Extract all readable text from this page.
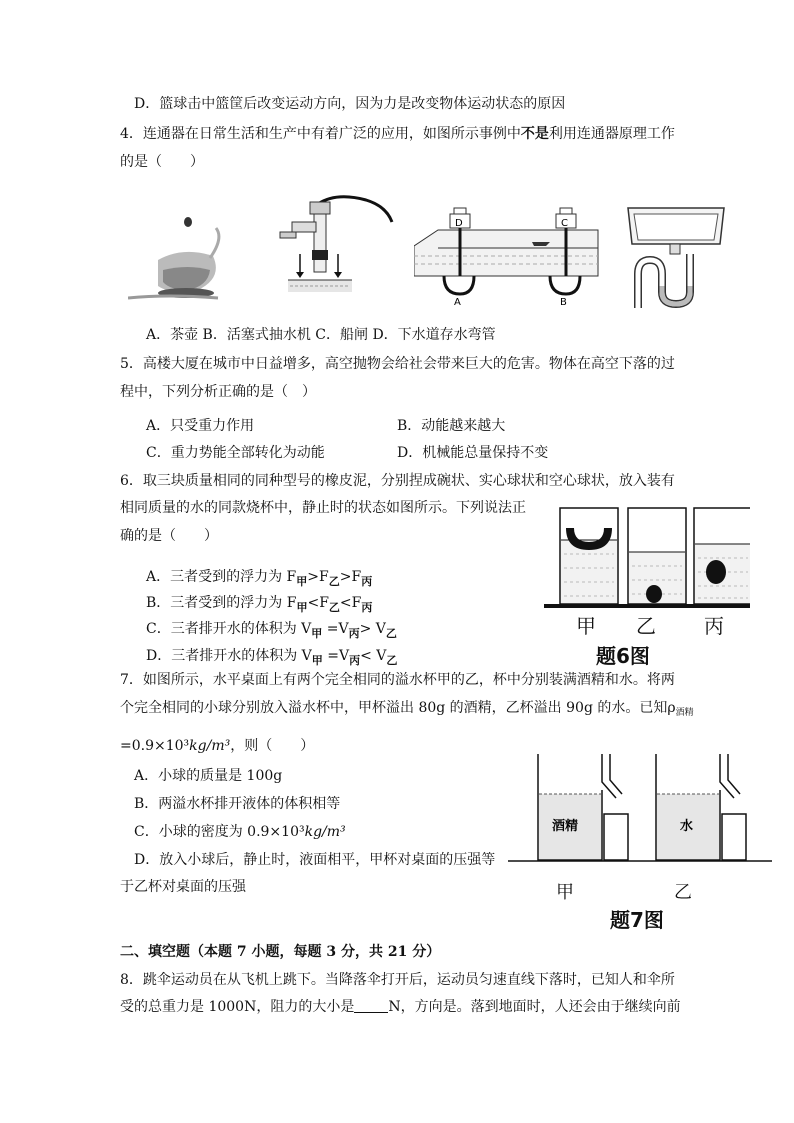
D．篮球击中篮筐后改变运动方向，因为力是改变物体运动状态的原因
4．连通器在日常生活和生产中有着广泛的应用，如图所示事例中不是利用连通器原理工作
的是（　　）
D	C
A	B
A．茶壶 B．活塞式抽水机 C．船闸 D．下水道存水弯管
5．高楼大厦在城市中日益增多，高空抛物会给社会带来巨大的危害。物体在高空下落的过
程中，下列分析正确的是（　）
A．只受重力作用	B．动能越来越大
C．重力势能全部转化为动能	D．机械能总量保持不变
6．取三块质量相同的同种型号的橡皮泥，分别捏成碗状、实心球状和空心球状，放入装有
相同质量的水的同款烧杯中，静止时的状态如图所示。下列说法正
确的是（　　）
A．三者受到的浮力为 $F_甲>F_乙>F_丙$
B．三者受到的浮力为 $F_甲<F_乙<F_丙$
C．三者排开水的体积为 $V_甲 =V_丙> V_乙$
D．三者排开水的体积为 $V_甲 =V_丙< V_乙$
甲 乙 丙
题6图
7．如图所示，水平桌面上有两个完全相同的溢水杯甲的乙，杯中分别装满酒精和水。将两
个完全相同的小球分别放入溢水杯中，甲杯溢出 80g 的酒精，乙杯溢出 90g 的水。已知$\rho_{酒精}$
=0.9×10³kg/m³，则（　　）
A．小球的质量是 100g
B．两溢水杯排开液体的体积相等
C．小球的密度为 0.9×10³kg/m³
D．放入小球后，静止时，液面相平，甲杯对桌面的压强等
于乙杯对桌面的压强
酒精	水
甲	乙
题7图
二、填空题（本题 7 小题，每题 3 分，共 21 分）
8．跳伞运动员在从飞机上跳下。当降落伞打开后，运动员匀速直线下落时，已知人和伞所
受的总重力是 1000N，阻力的大小是 N，方向是。落到地面时，人还会由于继续向前
